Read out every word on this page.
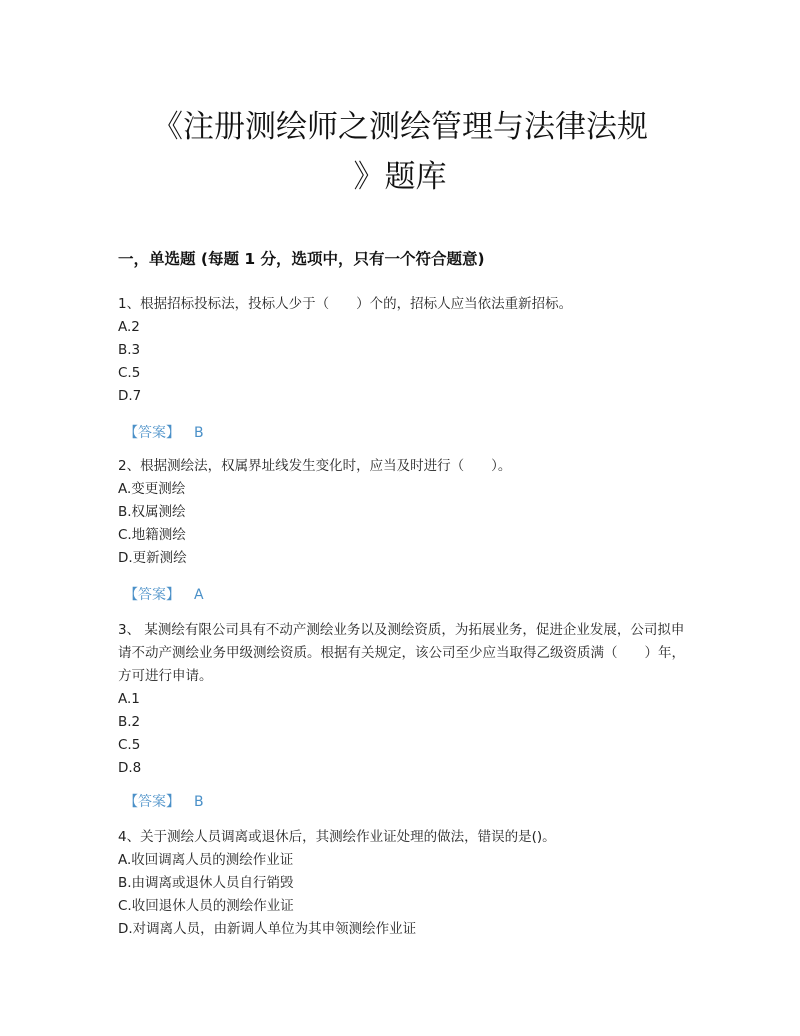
《注册测绘师之测绘管理与法律法规
》题库
一，单选题 (每题 1 分，选项中，只有一个符合题意)

1、根据招标投标法，投标人少于（　　）个的，招标人应当依法重新招标。

A.2

B.3

C.5

D.7

【答案】 B

2、根据测绘法，权属界址线发生变化时，应当及时进行（　　）。

A.变更测绘

B.权属测绘

C.地籍测绘

D.更新测绘

【答案】 A

3、 某测绘有限公司具有不动产测绘业务以及测绘资质，为拓展业务，促进企业发展，公司拟申请不动产测绘业务甲级测绘资质。根据有关规定，该公司至少应当取得乙级资质满（　　）年，方可进行申请。

A.1

B.2

C.5

D.8

【答案】 B

4、关于测绘人员调离或退休后，其测绘作业证处理的做法，错误的是()。

A.收回调离人员的测绘作业证

B.由调离或退休人员自行销毁

C.收回退休人员的测绘作业证

D.对调离人员，由新调人单位为其申领测绘作业证
